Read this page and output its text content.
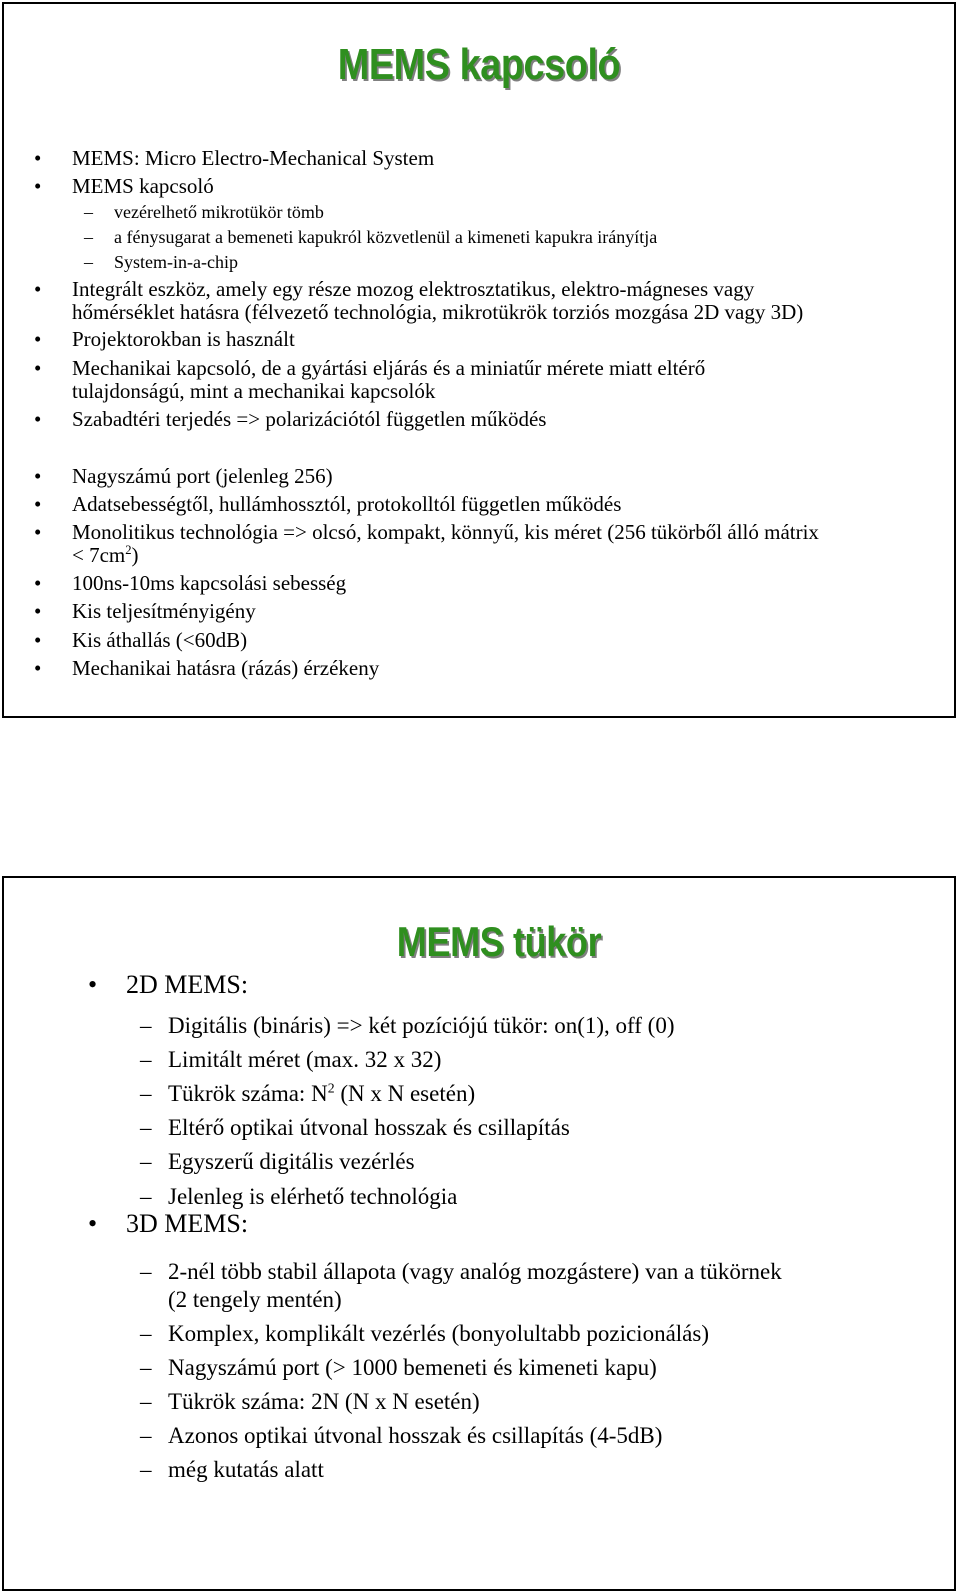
MEMS kapcsoló
• MEMS: Micro Electro-Mechanical System
• MEMS kapcsoló
– vezérelhető mikrotükör tömb
– a fénysugarat a bemeneti kapukról közvetlenül a kimeneti kapukra irányítja
– System-in-a-chip
• Integrált eszköz, amely egy része mozog elektrosztatikus, elektro-mágneses vagy
hőmérséklet hatásra (félvezető technológia, mikrotükrök torziós mozgása 2D vagy 3D)
• Projektorokban is használt
• Mechanikai kapcsoló, de a gyártási eljárás és a miniatűr mérete miatt eltérő
tulajdonságú, mint a mechanikai kapcsolók
• Szabadtéri terjedés => polarizációtól független működés
• Nagyszámú port (jelenleg 256)
• Adatsebességtől, hullámhossztól, protokolltól független működés
• Monolitikus technológia => olcsó, kompakt, könnyű, kis méret (256 tükörből álló mátrix
< $7cm^2$)
• 100ns-10ms kapcsolási sebesség
• Kis teljesítményigény
• Kis áthallás (<60dB)
• Mechanikai hatásra (rázás) érzékeny
MEMS tükör
• 2D MEMS:
– Digitális (bináris) => két pozíciójú tükör: on(1), off (0)
– Limitált méret (max. 32 x 32)
– Tükrök száma: $N^2$ (N x N esetén)
– Eltérő optikai útvonal hosszak és csillapítás
– Egyszerű digitális vezérlés
– Jelenleg is elérhető technológia
• 3D MEMS:
– 2-nél több stabil állapota (vagy analóg mozgástere) van a tükörnek
(2 tengely mentén)
– Komplex, komplikált vezérlés (bonyolultabb pozicionálás)
– Nagyszámú port (> 1000 bemeneti és kimeneti kapu)
– Tükrök száma: 2N (N x N esetén)
– Azonos optikai útvonal hosszak és csillapítás (4-5dB)
– még kutatás alatt
